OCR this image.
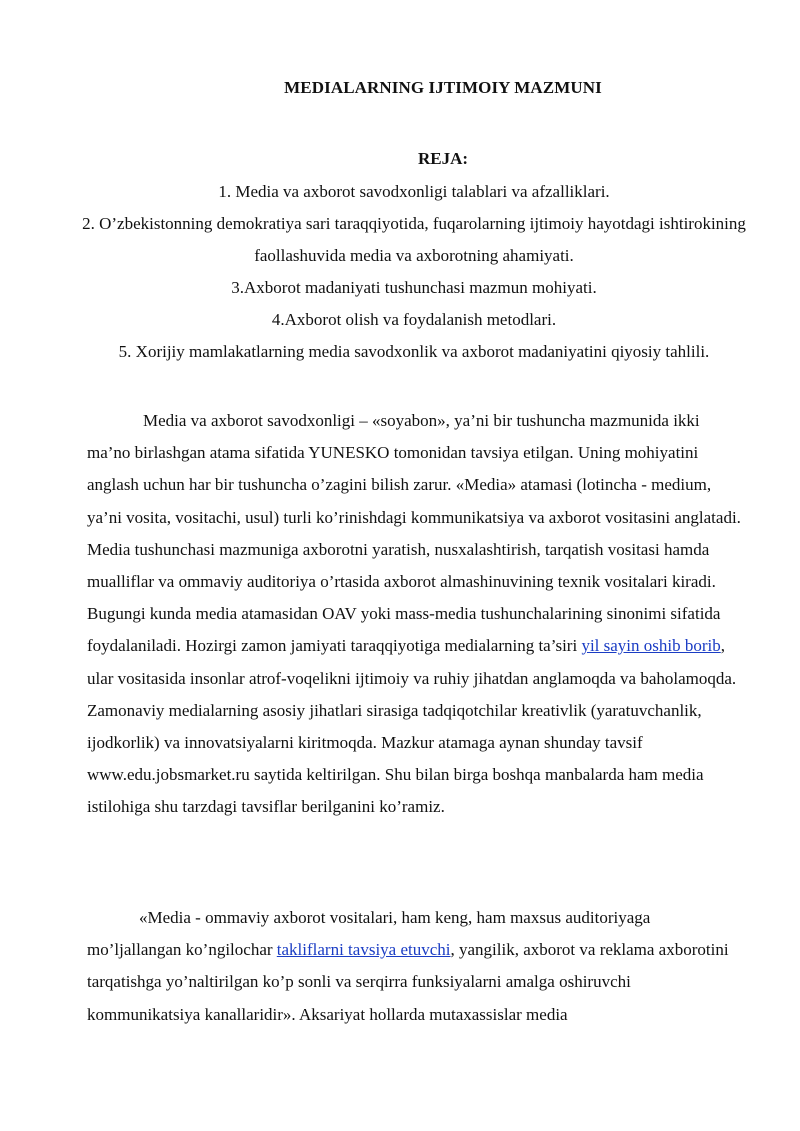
MEDIALARNING IJTIMOIY MAZMUNI
REJA:
1. Media va axborot savodxonligi talablari va afzalliklari.
2. O’zbekistonning demokratiya sari taraqqiyotida, fuqarolarning ijtimoiy hayotdagi ishtirokining faollashuvida media va axborotning ahamiyati.
3.Axborot madaniyati tushunchasi mazmun mohiyati.
4.Axborot olish va foydalanish metodlari.
5. Xorijiy mamlakatlarning media savodxonlik va axborot madaniyatini qiyosiy tahlili.

Media va axborot savodxonligi – «soyabon», ya’ni bir tushuncha mazmunida ikki ma’no birlashgan atama sifatida YUNESKO tomonidan tavsiya etilgan. Uning mohiyatini anglash uchun har bir tushuncha o’zagini bilish zarur. «Media» atamasi (lotincha - medium, ya’ni vosita, vositachi, usul) turli ko’rinishdagi kommunikatsiya va axborot vositasini anglatadi. Media tushunchasi mazmuniga axborotni yaratish, nusxalashtirish, tarqatish vositasi hamda mualliflar va ommaviy auditoriya o’rtasida axborot almashinuvining texnik vositalari kiradi. Bugungi kunda media atamasidan OAV yoki mass-media tushunchalarining sinonimi sifatida foydalaniladi. Hozirgi zamon jamiyati taraqqiyotiga medialarning ta’siri yil sayin oshib borib, ular vositasida insonlar atrof-voqelikni ijtimoiy va ruhiy jihatdan anglamoqda va baholamoqda. Zamonaviy medialarning asosiy jihatlari sirasiga tadqiqotchilar kreativlik (yaratuvchanlik, ijodkorlik) va innovatsiyalarni kiritmoqda. Mazkur atamaga aynan shunday tavsif www.edu.jobsmarket.ru saytida keltirilgan. Shu bilan birga boshqa manbalarda ham media istilohiga shu tarzdagi tavsiflar berilganini ko’ramiz.

«Media - ommaviy axborot vositalari, ham keng, ham maxsus auditoriyaga mo’ljallangan ko’ngilochar takliflarni tavsiya etuvchi, yangilik, axborot va reklama axborotini tarqatishga yo’naltirilgan ko’p sonli va serqirra funksiyalarni amalga oshiruvchi kommunikatsiya kanallaridir». Aksariyat hollarda mutaxassislar media
